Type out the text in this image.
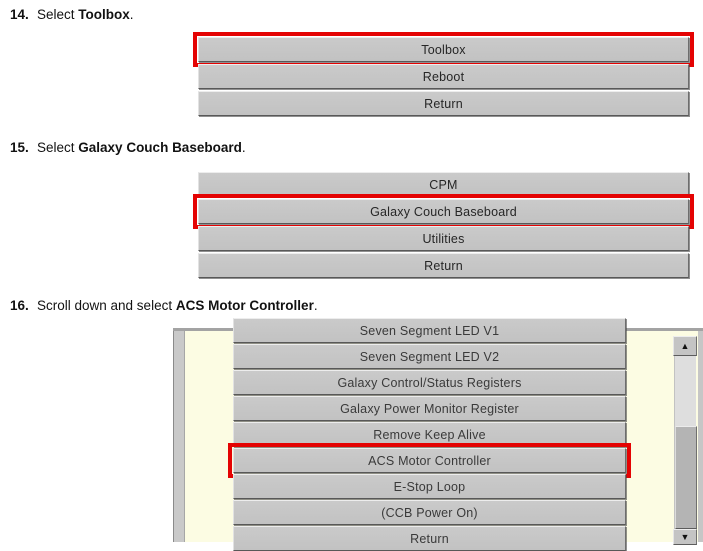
14. Select Toolbox.
Toolbox
Reboot
Return
15. Select Galaxy Couch Baseboard.
CPM
Galaxy Couch Baseboard
Utilities
Return
16. Scroll down and select ACS Motor Controller.
Seven Segment LED V1
Seven Segment LED V2
Galaxy Control/Status Registers
Galaxy Power Monitor Register
Remove Keep Alive
ACS Motor Controller
E-Stop Loop
(CCB Power On)
Return
▲
▼
